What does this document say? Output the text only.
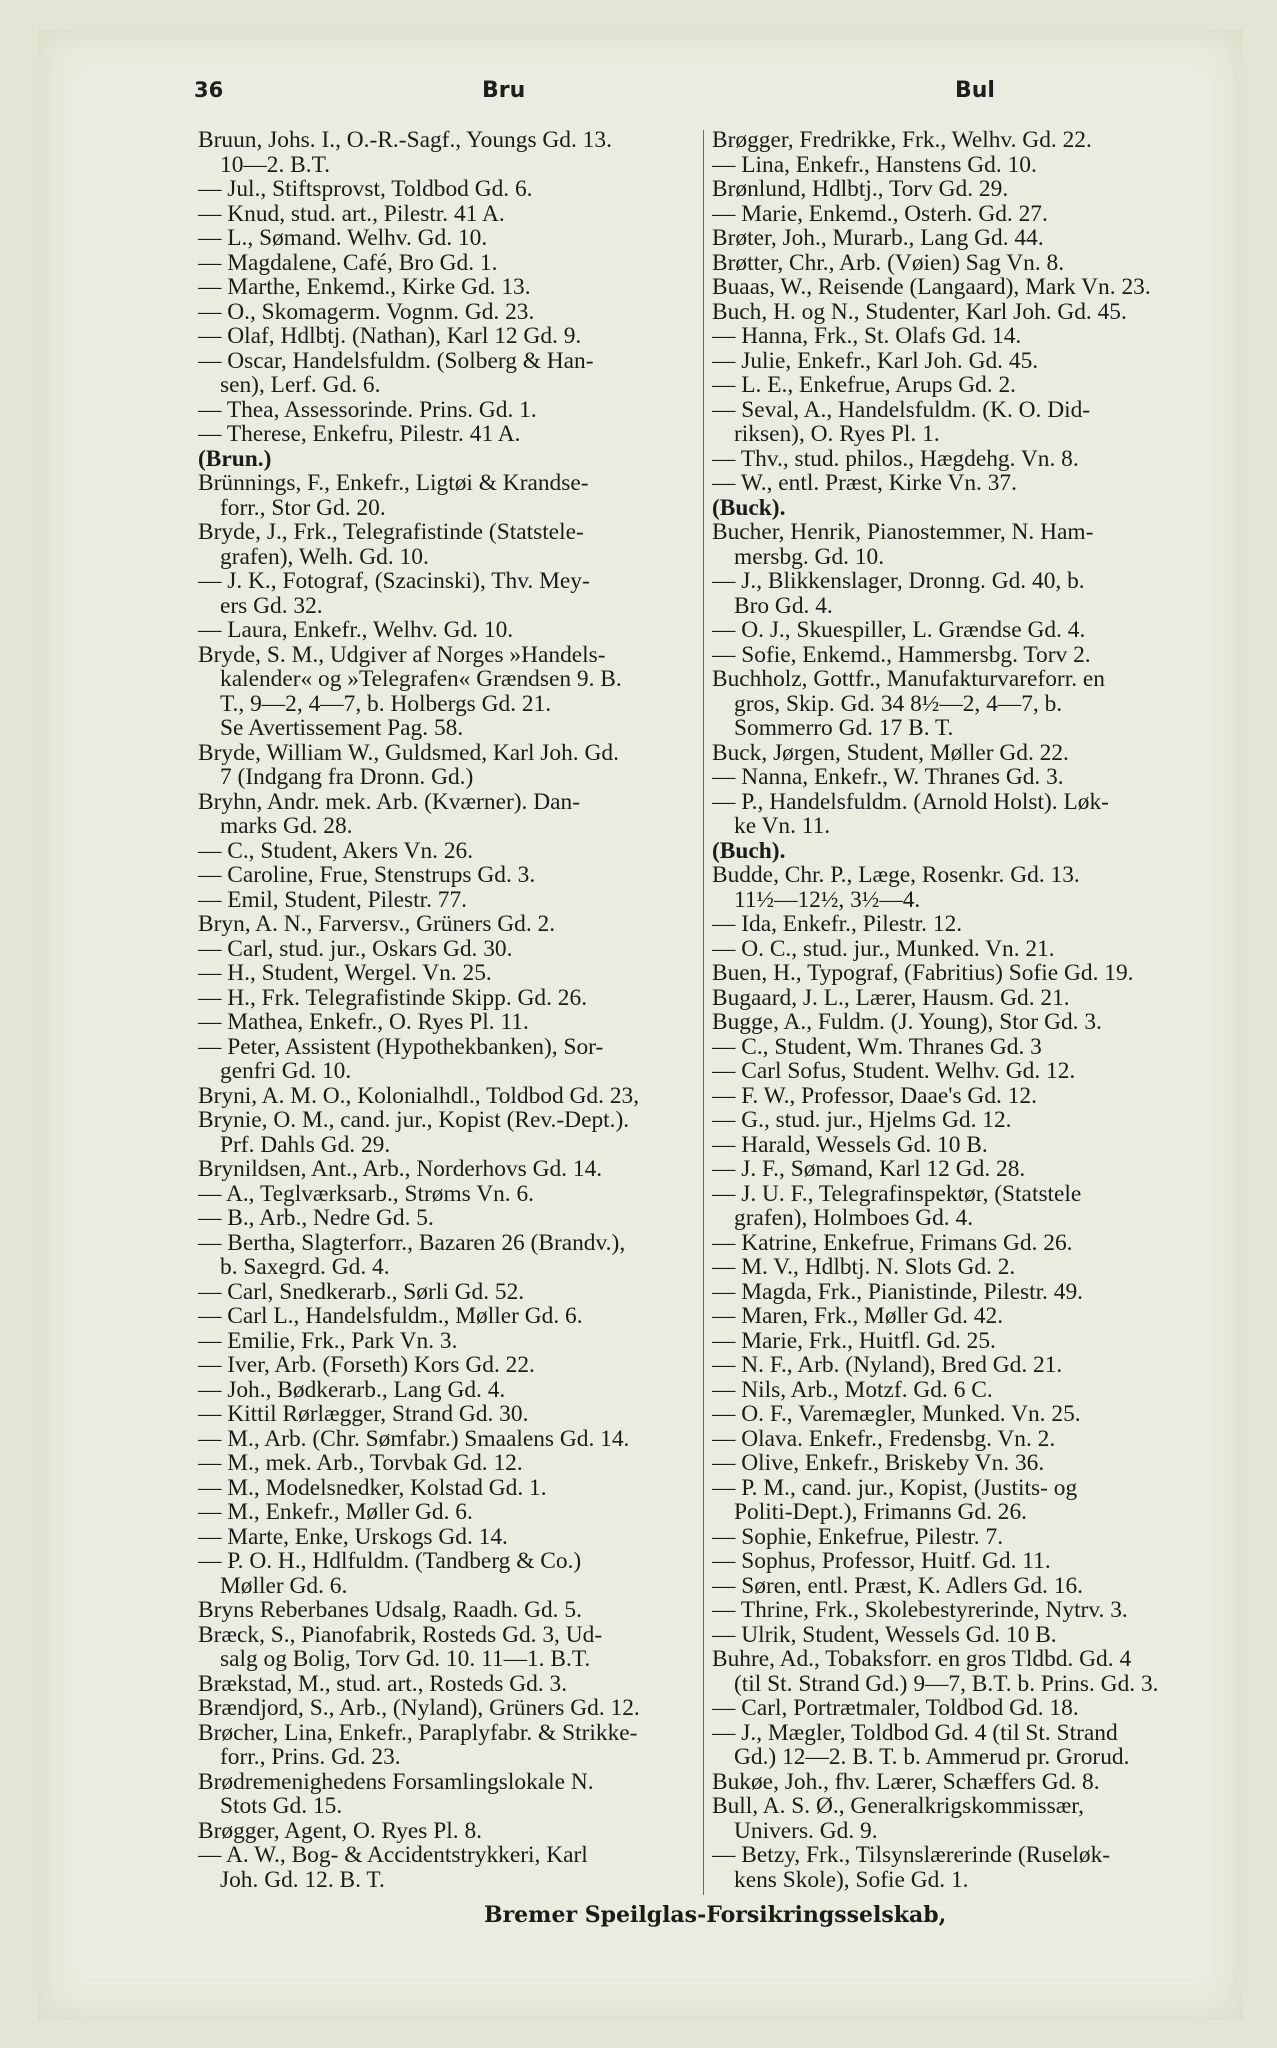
36	Bru	Bul
Bruun, Johs. I., O.-R.-Sagf., Youngs Gd. 13.
10—2. B.T.
— Jul., Stiftsprovst, Toldbod Gd. 6.
— Knud, stud. art., Pilestr. 41 A.
— L., Sømand. Welhv. Gd. 10.
— Magdalene, Café, Bro Gd. 1.
— Marthe, Enkemd., Kirke Gd. 13.
— O., Skomagerm. Vognm. Gd. 23.
— Olaf, Hdlbtj. (Nathan), Karl 12 Gd. 9.
— Oscar, Handelsfuldm. (Solberg & Han-
sen), Lerf. Gd. 6.
— Thea, Assessorinde. Prins. Gd. 1.
— Therese, Enkefru, Pilestr. 41 A.
(Brun.)
Brünnings, F., Enkefr., Ligtøi & Krandse-
forr., Stor Gd. 20.
Bryde, J., Frk., Telegrafistinde (Statstele-
grafen), Welh. Gd. 10.
— J. K., Fotograf, (Szacinski), Thv. Mey-
ers Gd. 32.
— Laura, Enkefr., Welhv. Gd. 10.
Bryde, S. M., Udgiver af Norges »Handels-
kalender« og »Telegrafen« Grændsen 9. B.
T., 9—2, 4—7, b. Holbergs Gd. 21.
Se Avertissement Pag. 58.
Bryde, William W., Guldsmed, Karl Joh. Gd.
7 (Indgang fra Dronn. Gd.)
Bryhn, Andr. mek. Arb. (Kværner). Dan-
marks Gd. 28.
— C., Student, Akers Vn. 26.
— Caroline, Frue, Stenstrups Gd. 3.
— Emil, Student, Pilestr. 77.
Bryn, A. N., Farversv., Grüners Gd. 2.
— Carl, stud. jur., Oskars Gd. 30.
— H., Student, Wergel. Vn. 25.
— H., Frk. Telegrafistinde Skipp. Gd. 26.
— Mathea, Enkefr., O. Ryes Pl. 11.
— Peter, Assistent (Hypothekbanken), Sor-
genfri Gd. 10.
Bryni, A. M. O., Kolonialhdl., Toldbod Gd. 23,
Brynie, O. M., cand. jur., Kopist (Rev.-Dept.).
Prf. Dahls Gd. 29.
Brynildsen, Ant., Arb., Norderhovs Gd. 14.
— A., Teglværksarb., Strøms Vn. 6.
— B., Arb., Nedre Gd. 5.
— Bertha, Slagterforr., Bazaren 26 (Brandv.),
b. Saxegrd. Gd. 4.
— Carl, Snedkerarb., Sørli Gd. 52.
— Carl L., Handelsfuldm., Møller Gd. 6.
— Emilie, Frk., Park Vn. 3.
— Iver, Arb. (Forseth) Kors Gd. 22.
— Joh., Bødkerarb., Lang Gd. 4.
— Kittil Rørlægger, Strand Gd. 30.
— M., Arb. (Chr. Sømfabr.) Smaalens Gd. 14.
— M., mek. Arb., Torvbak Gd. 12.
— M., Modelsnedker, Kolstad Gd. 1.
— M., Enkefr., Møller Gd. 6.
— Marte, Enke, Urskogs Gd. 14.
— P. O. H., Hdlfuldm. (Tandberg & Co.)
Møller Gd. 6.
Bryns Reberbanes Udsalg, Raadh. Gd. 5.
Bræck, S., Pianofabrik, Rosteds Gd. 3, Ud-
salg og Bolig, Torv Gd. 10. 11—1. B.T.
Brækstad, M., stud. art., Rosteds Gd. 3.
Brændjord, S., Arb., (Nyland), Grüners Gd. 12.
Brøcher, Lina, Enkefr., Paraplyfabr. & Strikke-
forr., Prins. Gd. 23.
Brødremenighedens Forsamlingslokale N.
Stots Gd. 15.
Brøgger, Agent, O. Ryes Pl. 8.
— A. W., Bog- & Accidentstrykkeri, Karl
Joh. Gd. 12. B. T.
Brøgger, Fredrikke, Frk., Welhv. Gd. 22.
— Lina, Enkefr., Hanstens Gd. 10.
Brønlund, Hdlbtj., Torv Gd. 29.
— Marie, Enkemd., Osterh. Gd. 27.
Brøter, Joh., Murarb., Lang Gd. 44.
Brøtter, Chr., Arb. (Vøien) Sag Vn. 8.
Buaas, W., Reisende (Langaard), Mark Vn. 23.
Buch, H. og N., Studenter, Karl Joh. Gd. 45.
— Hanna, Frk., St. Olafs Gd. 14.
— Julie, Enkefr., Karl Joh. Gd. 45.
— L. E., Enkefrue, Arups Gd. 2.
— Seval, A., Handelsfuldm. (K. O. Did-
riksen), O. Ryes Pl. 1.
— Thv., stud. philos., Hægdehg. Vn. 8.
— W., entl. Præst, Kirke Vn. 37.
(Buck).
Bucher, Henrik, Pianostemmer, N. Ham-
mersbg. Gd. 10.
— J., Blikkenslager, Dronng. Gd. 40, b.
Bro Gd. 4.
— O. J., Skuespiller, L. Grændse Gd. 4.
— Sofie, Enkemd., Hammersbg. Torv 2.
Buchholz, Gottfr., Manufakturvareforr. en
gros, Skip. Gd. 34 8½—2, 4—7, b.
Sommerro Gd. 17 B. T.
Buck, Jørgen, Student, Møller Gd. 22.
— Nanna, Enkefr., W. Thranes Gd. 3.
— P., Handelsfuldm. (Arnold Holst). Løk-
ke Vn. 11.
(Buch).
Budde, Chr. P., Læge, Rosenkr. Gd. 13.
11½—12½, 3½—4.
— Ida, Enkefr., Pilestr. 12.
— O. C., stud. jur., Munked. Vn. 21.
Buen, H., Typograf, (Fabritius) Sofie Gd. 19.
Bugaard, J. L., Lærer, Hausm. Gd. 21.
Bugge, A., Fuldm. (J. Young), Stor Gd. 3.
— C., Student, Wm. Thranes Gd. 3
— Carl Sofus, Student. Welhv. Gd. 12.
— F. W., Professor, Daae's Gd. 12.
— G., stud. jur., Hjelms Gd. 12.
— Harald, Wessels Gd. 10 B.
— J. F., Sømand, Karl 12 Gd. 28.
— J. U. F., Telegrafinspektør, (Statstele
grafen), Holmboes Gd. 4.
— Katrine, Enkefrue, Frimans Gd. 26.
— M. V., Hdlbtj. N. Slots Gd. 2.
— Magda, Frk., Pianistinde, Pilestr. 49.
— Maren, Frk., Møller Gd. 42.
— Marie, Frk., Huitfl. Gd. 25.
— N. F., Arb. (Nyland), Bred Gd. 21.
— Nils, Arb., Motzf. Gd. 6 C.
— O. F., Varemægler, Munked. Vn. 25.
— Olava. Enkefr., Fredensbg. Vn. 2.
— Olive, Enkefr., Briskeby Vn. 36.
— P. M., cand. jur., Kopist, (Justits- og
Politi-Dept.), Frimanns Gd. 26.
— Sophie, Enkefrue, Pilestr. 7.
— Sophus, Professor, Huitf. Gd. 11.
— Søren, entl. Præst, K. Adlers Gd. 16.
— Thrine, Frk., Skolebestyrerinde, Nytrv. 3.
— Ulrik, Student, Wessels Gd. 10 B.
Buhre, Ad., Tobaksforr. en gros Tldbd. Gd. 4
(til St. Strand Gd.) 9—7, B.T. b. Prins. Gd. 3.
— Carl, Portrætmaler, Toldbod Gd. 18.
— J., Mægler, Toldbod Gd. 4 (til St. Strand
Gd.) 12—2. B. T. b. Ammerud pr. Grorud.
Bukøe, Joh., fhv. Lærer, Schæffers Gd. 8.
Bull, A. S. Ø., Generalkrigskommissær,
Univers. Gd. 9.
— Betzy, Frk., Tilsynslærerinde (Ruseløk-
kens Skole), Sofie Gd. 1.
Bremer Speilglas-Forsikringsselskab,
